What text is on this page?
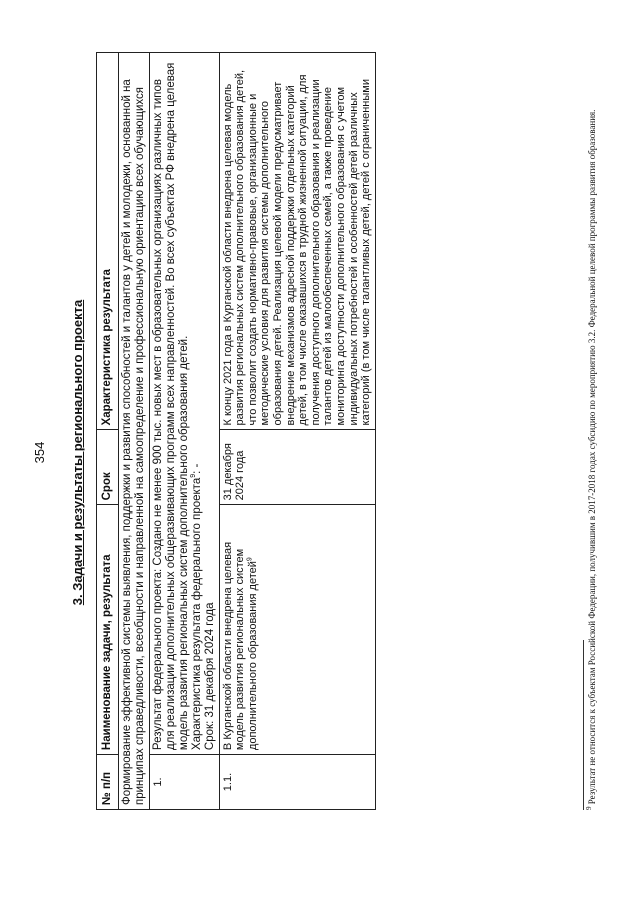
354 3. Задачи и результаты регионального проекта
№ п/п	Наименование задачи, результата	Срок	Характеристика результата
Формирование эффективной системы выявления, поддержки и развития способностей и талантов у детей и молодежи, основанной на принципах справедливости, всеобщности и направленной на самоопределение и профессиональную ориентацию всех обучающихся			
1.	Результат федерального проекта: Создано не менее 900 тыс. новых мест в образовательных организациях различных типов для реализации дополнительных общеразвивающих программ всех направленностей. Во всех субъектах РФ внедрена целевая модель развития региональных систем дополнительного образования детей. Характеристика результата федерального проекта$^9$: -
Срок: 31 декабря 2024 года		

1.1.	В Курганской области внедрена целевая модель развития региональных систем дополнительного образования детей$^9$	31 декабря 2024 года	К концу 2021 года в Курганской области внедрена целевая модель развития региональных систем дополнительного образования детей, что позволит создать нормативно-правовые, организационные и методические условия для развития системы дополнительного образования детей. Реализация целевой модели предусматривает внедрение механизмов адресной поддержки отдельных категорий детей, в том числе оказавшихся в трудной жизненной ситуации, для получения доступного дополнительного образования и реализации талантов детей из малообеспеченных семей, а также проведение мониторинга доступности дополнительного образования с учетом индивидуальных потребностей и особенностей детей различных категорий (в том числе талантливых детей, детей с ограниченными
$^9$ Результат не относится к субъектам Российской Федерации, получившим в 2017-2018 годах субсидию по мероприятию 3.2. Федеральной целевой программы развития образования.
